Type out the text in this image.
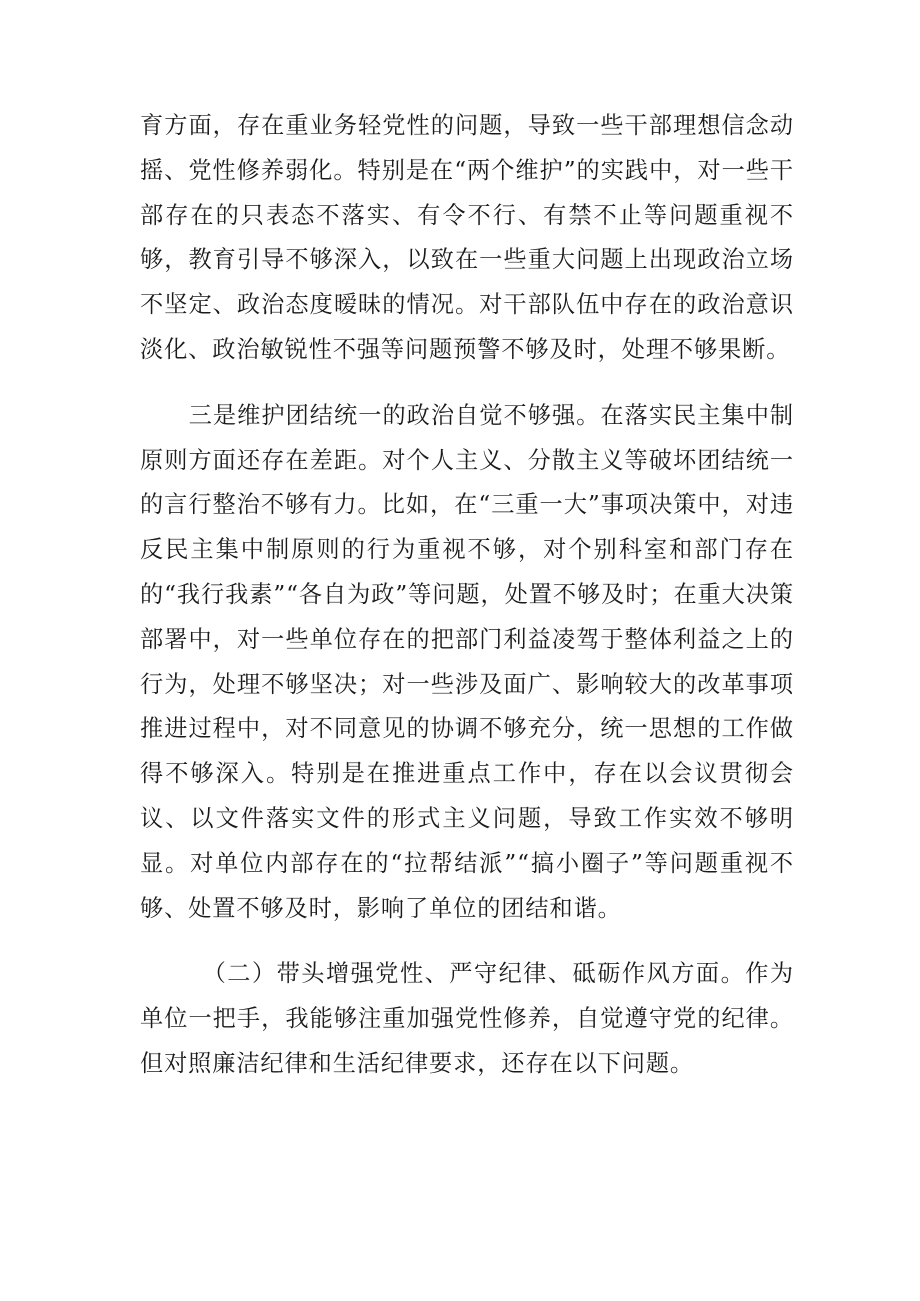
育方面，存在重业务轻党性的问题，导致一些干部理想信念动摇、党性修养弱化。特别是在“两个维护”的实践中，对一些干部存在的只表态不落实、有令不行、有禁不止等问题重视不够，教育引导不够深入，以致在一些重大问题上出现政治立场不坚定、政治态度暧昧的情况。对干部队伍中存在的政治意识淡化、政治敏锐性不强等问题预警不够及时，处理不够果断。

三是维护团结统一的政治自觉不够强。在落实民主集中制原则方面还存在差距。对个人主义、分散主义等破坏团结统一的言行整治不够有力。比如，在“三重一大”事项决策中，对违反民主集中制原则的行为重视不够，对个别科室和部门存在的“我行我素”“各自为政”等问题，处置不够及时；在重大决策部署中，对一些单位存在的把部门利益凌驾于整体利益之上的行为，处理不够坚决；对一些涉及面广、影响较大的改革事项推进过程中，对不同意见的协调不够充分，统一思想的工作做得不够深入。特别是在推进重点工作中，存在以会议贯彻会议、以文件落实文件的形式主义问题，导致工作实效不够明显。对单位内部存在的“拉帮结派”“搞小圈子”等问题重视不够、处置不够及时，影响了单位的团结和谐。

（二）带头增强党性、严守纪律、砥砺作风方面。作为单位一把手，我能够注重加强党性修养，自觉遵守党的纪律。但对照廉洁纪律和生活纪律要求，还存在以下问题。
